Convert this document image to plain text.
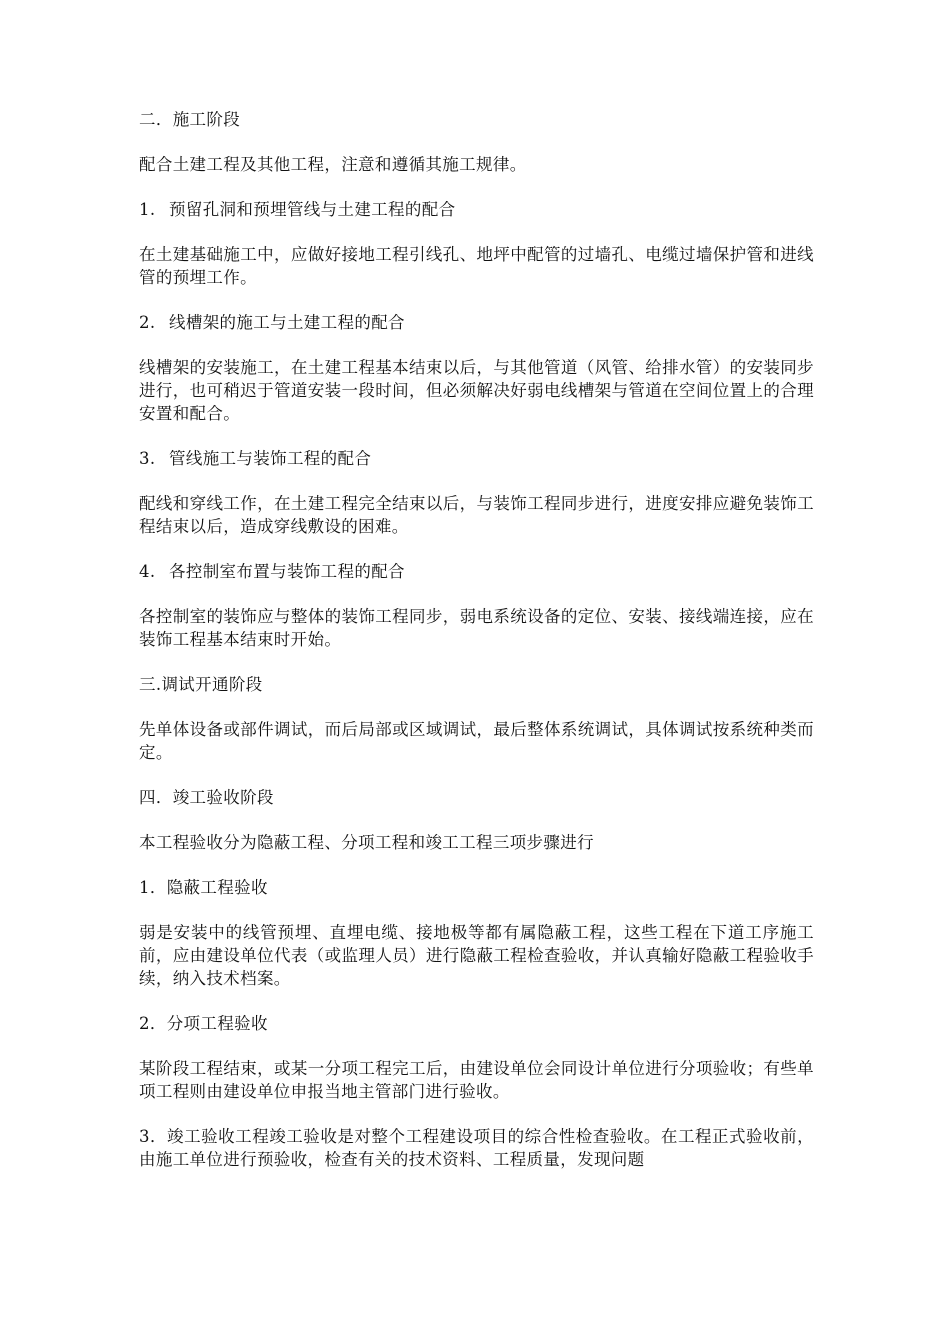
二．施工阶段

配合土建工程及其他工程，注意和遵循其施工规律。

1. 预留孔洞和预埋管线与土建工程的配合

在土建基础施工中，应做好接地工程引线孔、地坪中配管的过墙孔、电缆过墙保护管和进线管的预埋工作。

2. 线槽架的施工与土建工程的配合

线槽架的安装施工，在土建工程基本结束以后，与其他管道（风管、给排水管）的安装同步进行，也可稍迟于管道安装一段时间，但必须解决好弱电线槽架与管道在空间位置上的合理安置和配合。

3. 管线施工与装饰工程的配合

配线和穿线工作，在土建工程完全结束以后，与装饰工程同步进行，进度安排应避免装饰工程结束以后，造成穿线敷设的困难。

4. 各控制室布置与装饰工程的配合

各控制室的装饰应与整体的装饰工程同步，弱电系统设备的定位、安装、接线端连接，应在装饰工程基本结束时开始。

三.调试开通阶段

先单体设备或部件调试，而后局部或区域调试，最后整体系统调试，具体调试按系统种类而定。

四．竣工验收阶段

本工程验收分为隐蔽工程、分项工程和竣工工程三项步骤进行

1．隐蔽工程验收

弱是安装中的线管预埋、直埋电缆、接地极等都有属隐蔽工程，这些工程在下道工序施工前，应由建设单位代表（或监理人员）进行隐蔽工程检查验收，并认真输好隐蔽工程验收手续，纳入技术档案。

2．分项工程验收

某阶段工程结束，或某一分项工程完工后，由建设单位会同设计单位进行分项验收；有些单项工程则由建设单位申报当地主管部门进行验收。

3．竣工验收工程竣工验收是对整个工程建设项目的综合性检查验收。在工程正式验收前，由施工单位进行预验收，检查有关的技术资料、工程质量，发现问题
